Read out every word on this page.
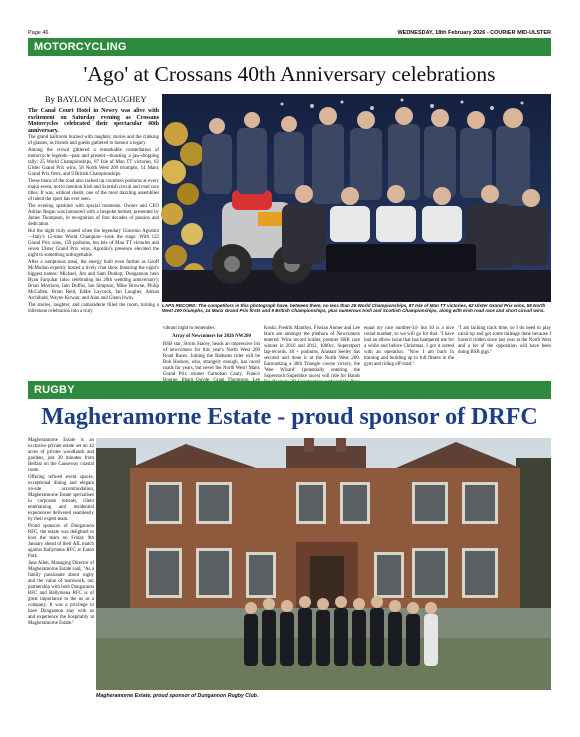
Page 46	WEDNESDAY, 18th February 2026 - COURIER MID-ULSTER
MOTORCYCLING
'Ago' at Crossans 40th Anniversary celebrations
By BAYLON McCAUGHEY

The Canal Court Hotel in Newry was alive with excitement on Saturday evening as Crossans Motorcycles celebrated their spectacular 40th anniversary.

The grand ballroom buzzed with laughter, stories and the clinking of glasses, as friends and guests gathered to honour a legacy.

Among the crowd glittered a remarkable constellation of motorcycle legends—past and present—boasting a jaw-dropping tally: 25 World Championships, 87 Isle of Man TT victories, 62 Ulster Grand Prix wins, 58 North West 200 triumphs, 14 Manx Grand Prix firsts, and 9 British Championships.

These titans of the road also racked up countless podiums at every major event, not to mention Irish and Scottish circuit and road race titles. It was, without doubt, one of the most dazzling assemblies of talent the sport has ever seen.

The evening sparkled with special moments. Owner and CEO Adrian Regan was honoured with a bespoke helmet, presented by James Thompson, in recognition of four decades of passion and dedication.

But the night truly soared when the legendary Giacomo Agostini—Italy's 15-time World Champion—took the stage. With 122 Grand Prix wins, 159 podiums, ten Isle of Man TT victories and seven Ulster Grand Prix wins, Agostini's presence elevated the night to something unforgettable.

After a sumptuous meal, the energy built even further as Geoff McMullan expertly hosted a lively chat show featuring the night's biggest names: Michael, Jim and Sam Dunlop; Dungannon hero Ryan Farquhar (also celebrating his 20th wedding anniversary); Brian Morrison, Iain Duffus, Ian Simpson, Mike Browne, Philip McCallen, Brian Reid, Eddie Laycock, Ian Lougher, Adrian Archibald, Wayne Kirwan; and Alan and Glenn Irwin.

The stories, laughter, and camaraderie filled the room, turning a milestone celebration into a truly

LAPS RECORD: The competitors in this photograph have, between them, no less than 25 World Championships, 87 Isle of Man TT victories, 62 Ulster Grand Prix wins, 58 North West 200 triumphs, 14 Manx Grand Prix firsts and 9 British Championships, plus numerous Irish and Scottish Championships, along with Irish road race and short circuit wins.

vibrant night to remember.

Array of Newcomers for 2026 NW200

BSB star, Storm Stacey, heads an impressive list of newcomers for this year's North West 200 Road Races. Joining the Bathams rider will be Rob Hodson, who, strangely enough, has raced roads for years, but never the North West! Manx Grand Prix winner Carnoban Cauty, Franco

Koski, Fredrik Manthys, Florian Anmer and Lee Hurn are amongst the plethora of Newcomers entered. Wins record holder, premier SBK race winner in 2010 and 2012, 1000cc, Superstport lap-records, 40 + podiums, Alastair Seeley has secured and done it at the North West 200. Earmarking a 30th Triangle course victory, the 'Wee Wizard' (potentially entering the Superstock/Superbike races) will ride for Bands

equal my race number-34- but 30 is a nice round number, so we will go for that. "I have had an elbow issue that has hampered me for a while and before Christmas, I got it sorted with an operation. "Now I am back in training and building up to full fitness in the gym and riding off-road."

"I am lacking track time, so I do need to play catch-up and get some mileage done because I haven't ridden since last year at the North West and a lot of the opposition will have been doing BSB gigs."

RUGBY
Magheramorne Estate - proud sponsor of DRFC

Magheramorne Estate is an exclusive private estate set on 42 acres of private woodlands and gardens, just 30 minutes from Belfast on the Causeway coastal route.

Offering refined event spaces, exceptional dining and elegant on-site accommodation, Magheramorne Estate specialises in corporate retreats, client entertaining and residential experiences delivered seamlessly by their expert team.

Proud sponsors of Dungannon RFC, the estate was delighted to host the team on Friday 9th January ahead of their AIL match against Ballymena RFC at Eaton Park.

Jane Allen, Managing Director of Magheramorne Estate said, "As a family passionate about rugby and the value of teamwork, our partnership with both Dungannon RFC and Ballymena RFC is of great importance to the us as a company. It was a privilege to have Dungannon stay with us and experience the hospitality at Magheramorne Estate."

Magheramorne Estate, proud sponsor of Dungannon Rugby Club.
